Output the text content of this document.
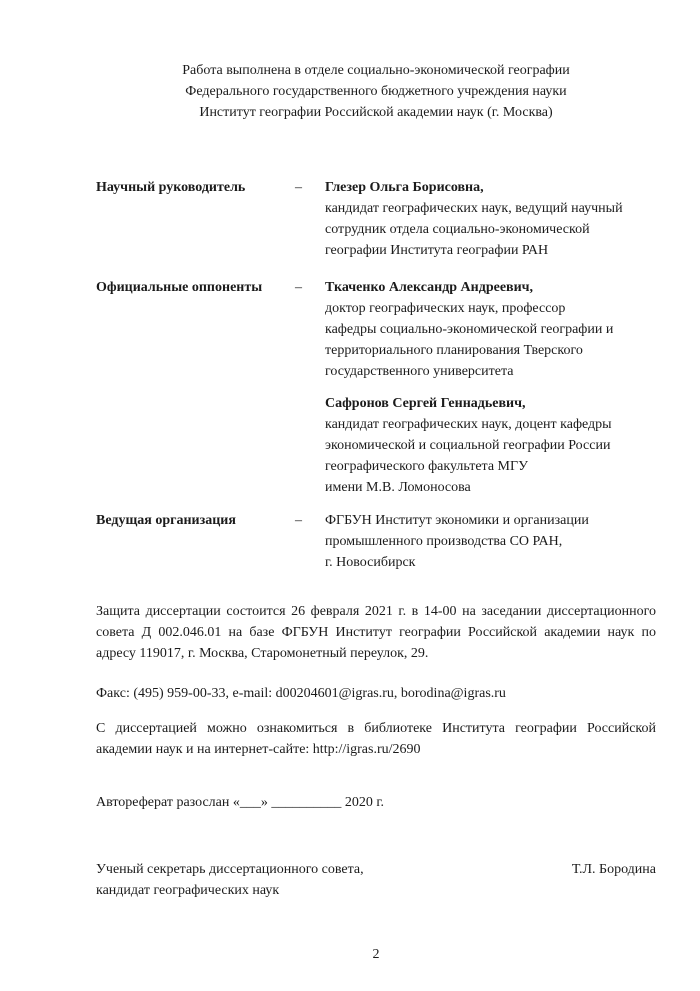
Работа выполнена в отделе социально-экономической географии
Федерального государственного бюджетного учреждения науки
Институт географии Российской академии наук (г. Москва)
Научный руководитель	–	Глезер Ольга Борисовна,
кандидат географических наук, ведущий научный
сотрудник отдела социально-экономической
географии Института географии РАН
Официальные оппоненты	–	Ткаченко Александр Андреевич,
доктор географических наук, профессор
кафедры социально-экономической географии и
территориального планирования Тверского
государственного университета
Сафронов Сергей Геннадьевич,
кандидат географических наук, доцент кафедры
экономической и социальной географии России
географического факультета МГУ
имени М.В. Ломоносова
Ведущая организация	–	ФГБУН Институт экономики и организации
промышленного производства СО РАН,
г. Новосибирск
Защита диссертации состоится 26 февраля 2021 г. в 14-00 на заседании диссертационного
совета Д 002.046.01 на базе ФГБУН Институт географии Российской академии наук по
адресу 119017, г. Москва, Старомонетный переулок, 29.
Факс: (495) 959-00-33, e-mail: d00204601@igras.ru, borodina@igras.ru
С диссертацией можно ознакомиться в библиотеке Института географии Российской
академии наук и на интернет-сайте: http://igras.ru/2690
Автореферат разослан «___» __________ 2020 г.
Ученый секретарь диссертационного совета,
кандидат географических наук
Т.Л. Бородина
2
